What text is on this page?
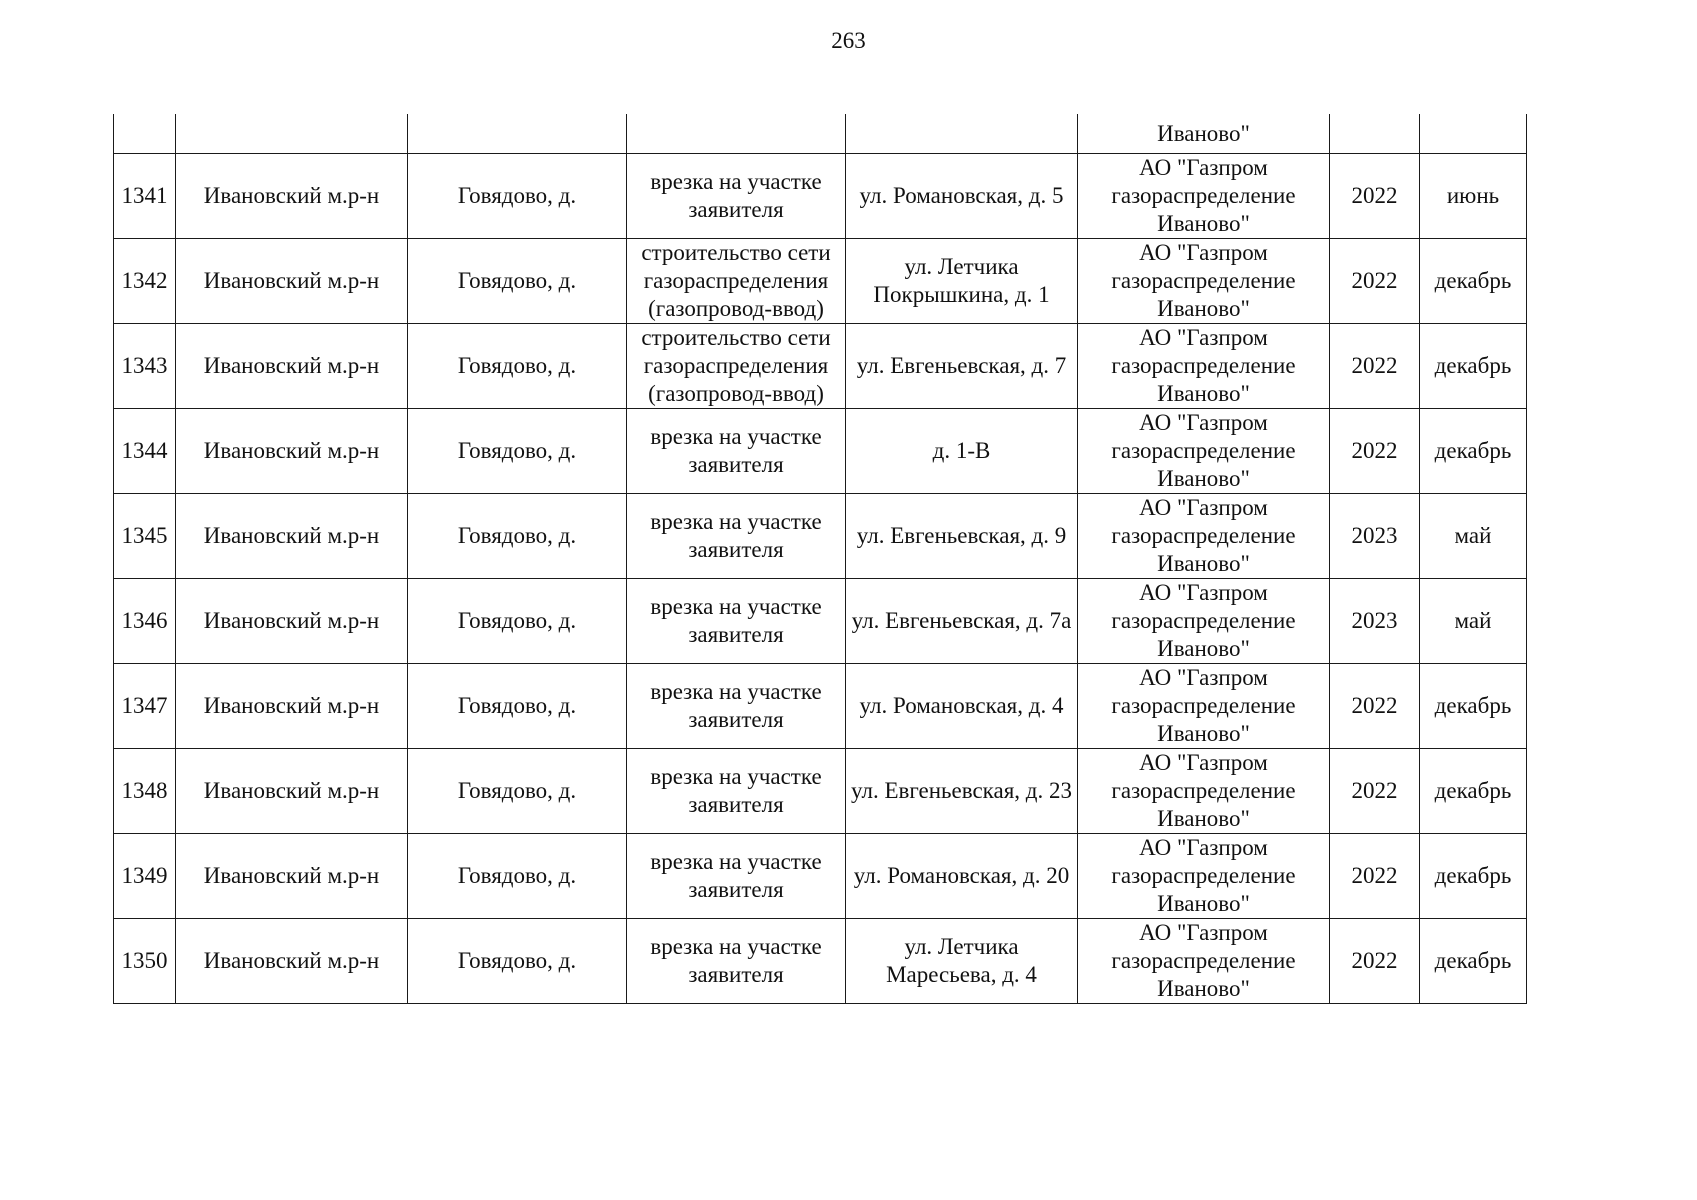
263
					Иваново"		
1341	Ивановский м.р-н	Говядово, д.	врезка на участке заявителя	ул. Романовская, д. 5	АО "Газпром газораспределение Иваново"	2022	июнь
1342	Ивановский м.р-н	Говядово, д.	строительство сети газораспределения (газопровод-ввод)	ул. Летчика Покрышкина, д. 1	АО "Газпром газораспределение Иваново"	2022	декабрь
1343	Ивановский м.р-н	Говядово, д.	строительство сети газораспределения (газопровод-ввод)	ул. Евгеньевская, д. 7	АО "Газпром газораспределение Иваново"	2022	декабрь
1344	Ивановский м.р-н	Говядово, д.	врезка на участке заявителя	д. 1-В	АО "Газпром газораспределение Иваново"	2022	декабрь
1345	Ивановский м.р-н	Говядово, д.	врезка на участке заявителя	ул. Евгеньевская, д. 9	АО "Газпром газораспределение Иваново"	2023	май
1346	Ивановский м.р-н	Говядово, д.	врезка на участке заявителя	ул. Евгеньевская, д. 7а	АО "Газпром газораспределение Иваново"	2023	май
1347	Ивановский м.р-н	Говядово, д.	врезка на участке заявителя	ул. Романовская, д. 4	АО "Газпром газораспределение Иваново"	2022	декабрь
1348	Ивановский м.р-н	Говядово, д.	врезка на участке заявителя	ул. Евгеньевская, д. 23	АО "Газпром газораспределение Иваново"	2022	декабрь
1349	Ивановский м.р-н	Говядово, д.	врезка на участке заявителя	ул. Романовская, д. 20	АО "Газпром газораспределение Иваново"	2022	декабрь
1350	Ивановский м.р-н	Говядово, д.	врезка на участке заявителя	ул. Летчика Маресьева, д. 4	АО "Газпром газораспределение Иваново"	2022	декабрь
